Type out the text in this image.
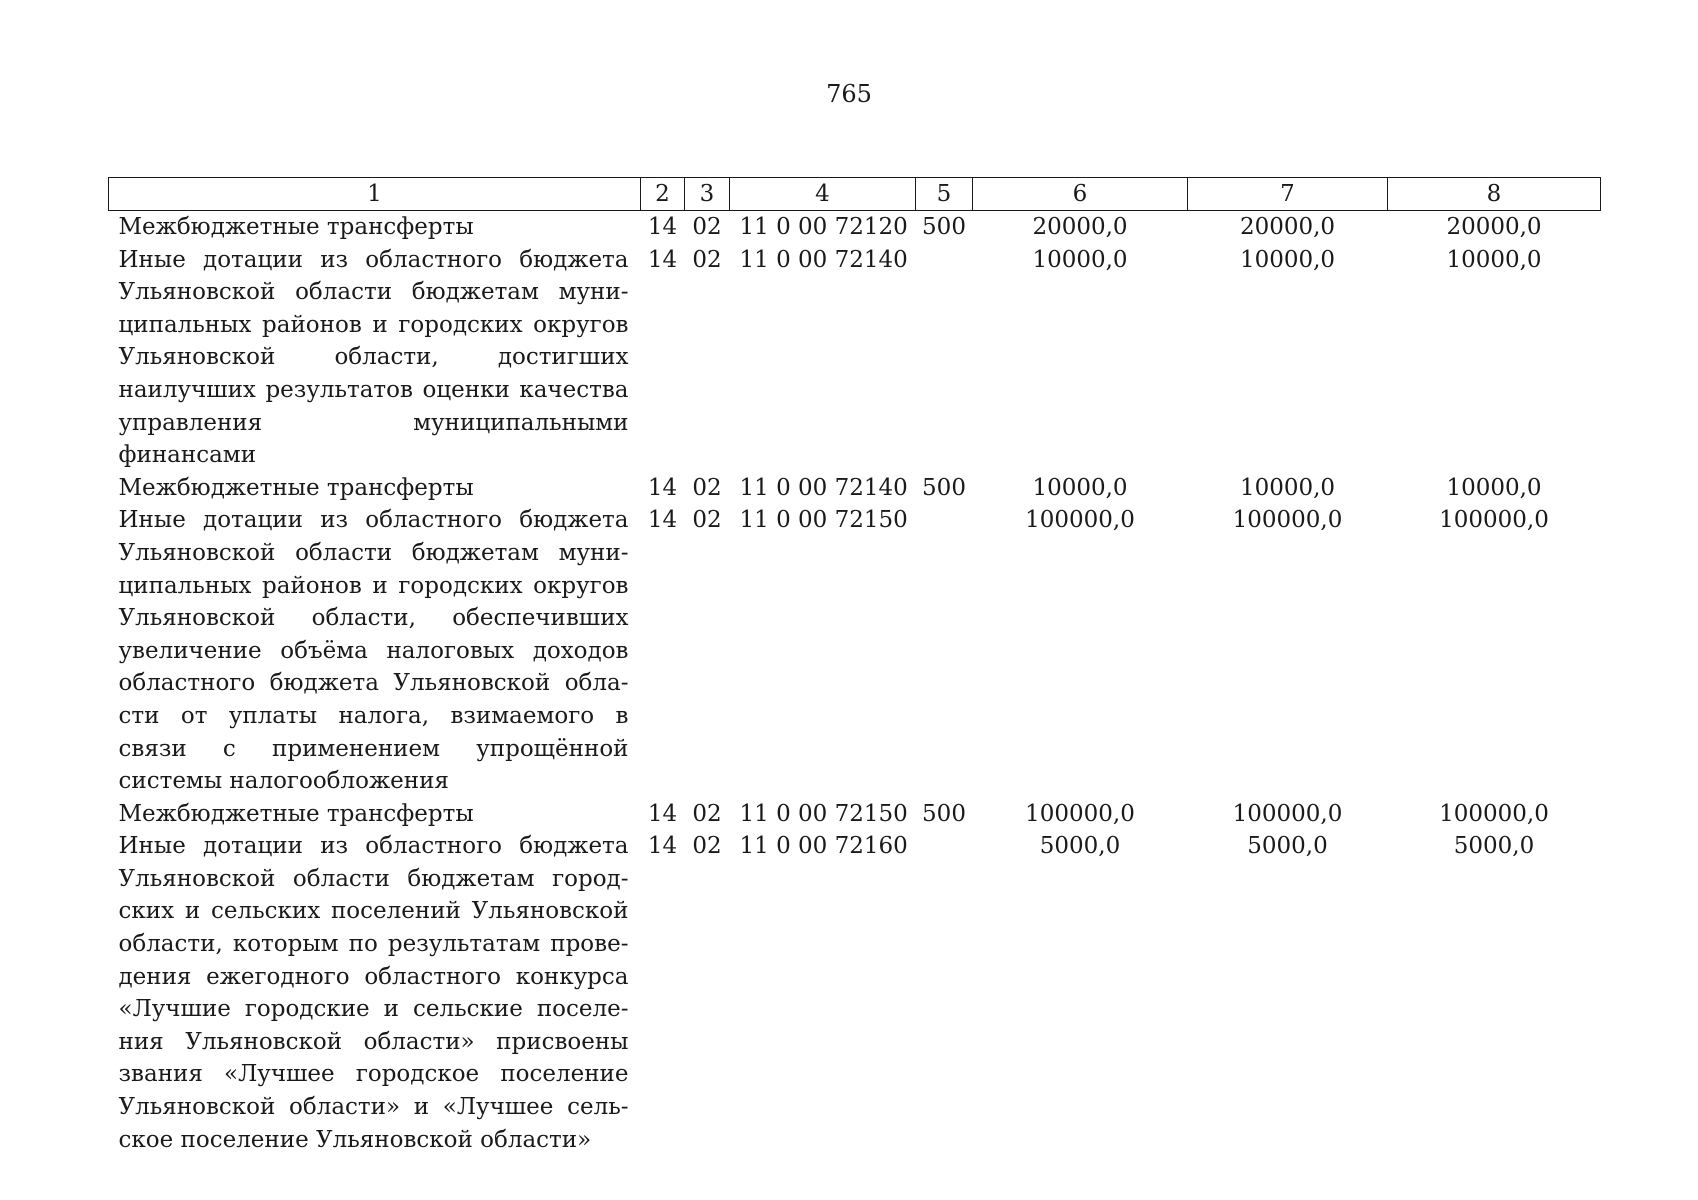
765
1	2	3	4	5	6	7	8
Межбюджетные трансферты	14	02	11 0 00 72120	500	20000,0	20000,0	20000,0
Иные дотации из областного бюджета Ульяновской области бюджетам муниципальных районов и городских округов Ульяновской области, достигших наилучших результатов оценки качества управления муниципальными финансами	14	02	11 0 00 72140		10000,0	10000,0	10000,0
Межбюджетные трансферты	14	02	11 0 00 72140	500	10000,0	10000,0	10000,0
Иные дотации из областного бюджета Ульяновской области бюджетам муниципальных районов и городских округов Ульяновской области, обеспечивших увеличение объёма налоговых доходов областного бюджета Ульяновской области от уплаты налога, взимаемого в связи с применением упрощённой системы налогообложения	14	02	11 0 00 72150		100000,0	100000,0	100000,0
Межбюджетные трансферты	14	02	11 0 00 72150	500	100000,0	100000,0	100000,0
Иные дотации из областного бюджета Ульяновской области бюджетам городских и сельских поселений Ульяновской области, которым по результатам проведения ежегодного областного конкурса «Лучшие городские и сельские поселения Ульяновской области» присвоены звания «Лучшее городское поселение Ульяновской области» и «Лучшее сельское поселение Ульяновской области»	14	02	11 0 00 72160		5000,0	5000,0	5000,0
